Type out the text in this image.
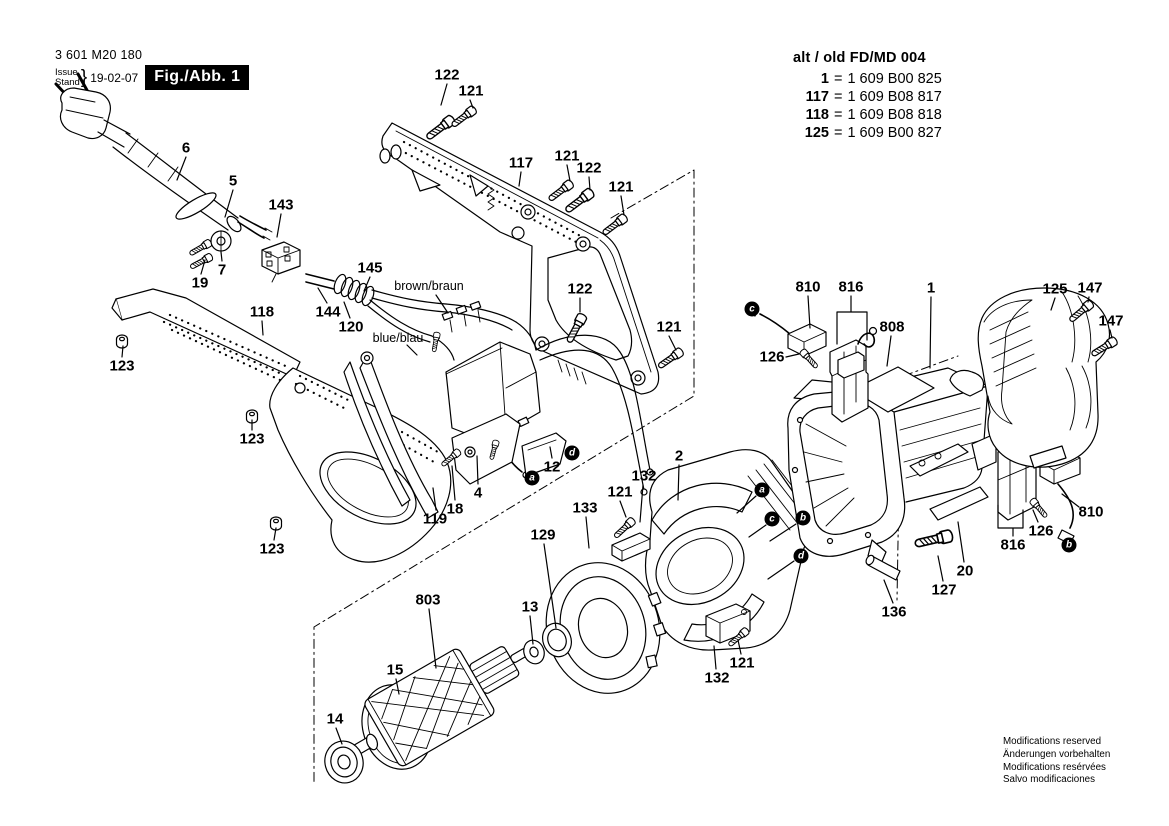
3 601 M20 180
Issue
Stand } 19-02-07	Fig./Abb. 1
alt / old FD/MD 004
1 = 1 609 B00 825
117 = 1 609 B08 817
118 = 1 609 B08 818
125 = 1 609 B00 827
Modifications reserved
Änderungen vorbehalten
Modifications resérvées
Salvo modificaciones
122
121
117 121
122
121
6
5
143
7
19
145
144
120
118
123
123
123
122
121
12
4
18
119
133
129
2
132
121
132
121
13
803
15
14
810 816
808
1
126
125 147
147
136
127
20
816
126
810
c
a
d
a
c	b
d
b
brown/braun
blue/blau
